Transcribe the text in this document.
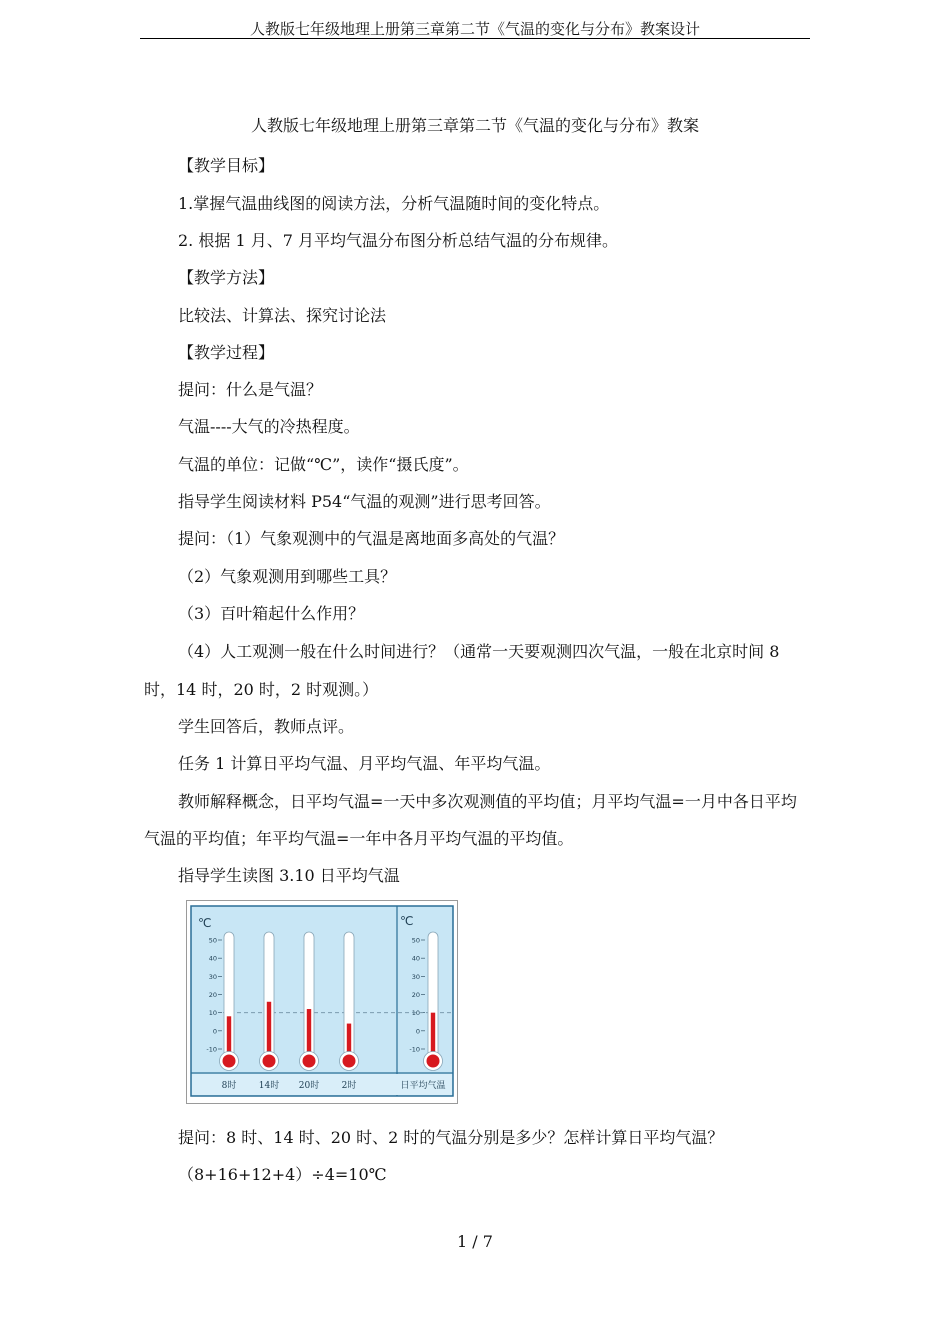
人教版七年级地理上册第三章第二节《气温的变化与分布》教案设计
人教版七年级地理上册第三章第二节《气温的变化与分布》教案
【教学目标】
1.掌握气温曲线图的阅读方法，分析气温随时间的变化特点。
2. 根据 1 月、7 月平均气温分布图分析总结气温的分布规律。
【教学方法】
比较法、计算法、探究讨论法
【教学过程】
提问：什么是气温？
气温----大气的冷热程度。
气温的单位：记做“℃”，读作“摄氏度”。
指导学生阅读材料 P54“气温的观测”进行思考回答。
提问：（1）气象观测中的气温是离地面多高处的气温？
（2）气象观测用到哪些工具？
（3）百叶箱起什么作用？
（4）人工观测一般在什么时间进行？（通常一天要观测四次气温，一般在北京时间 8
时，14 时，20 时，2 时观测。）
学生回答后，教师点评。
任务 1 计算日平均气温、月平均气温、年平均气温。
教师解释概念，日平均气温=一天中多次观测值的平均值；月平均气温=一月中各日平均
气温的平均值；年平均气温=一年中各月平均气温的平均值。
指导学生读图 3.10 日平均气温
℃	℃
50	50
40	40
30	30
20	20
10	10
0	0
-10	-10
8时 14时 20时 2时	日平均气温
提问：8 时、14 时、20 时、2 时的气温分别是多少？怎样计算日平均气温？
（8+16+12+4）÷4=10℃
1 / 7
